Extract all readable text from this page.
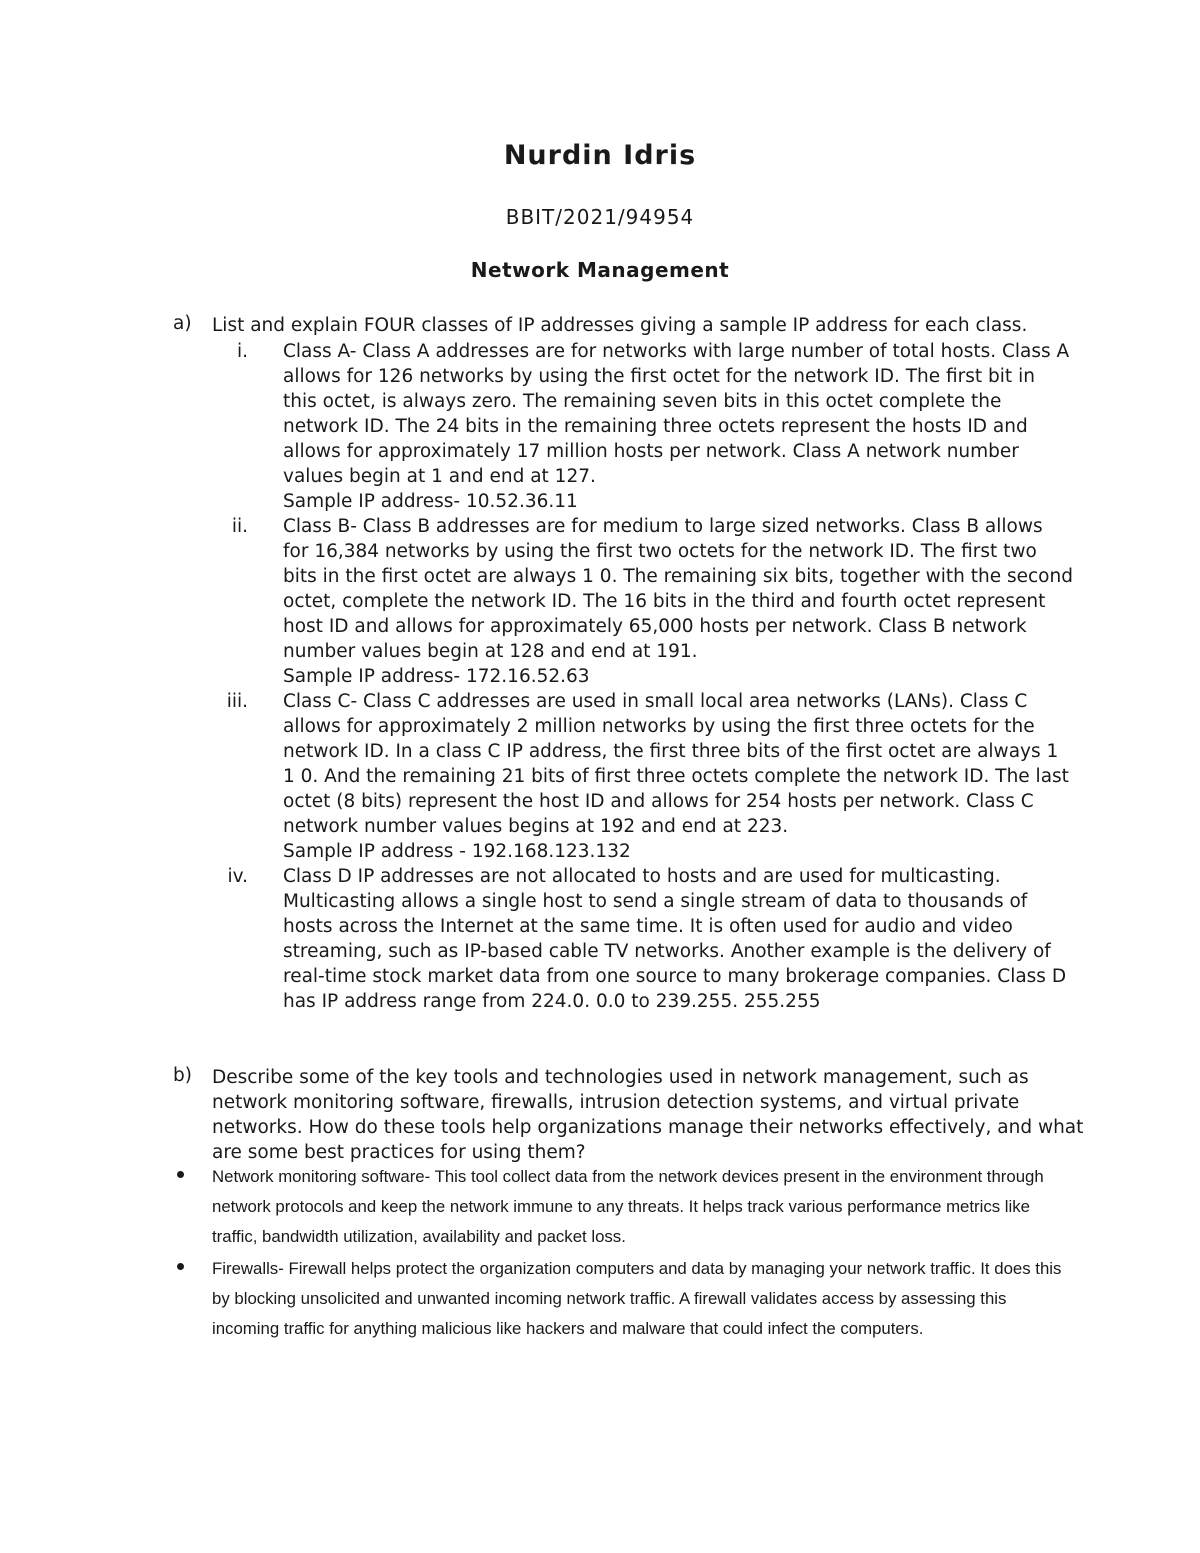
Nurdin Idris
BBIT/2021/94954
Network Management
a) List and explain FOUR classes of IP addresses giving a sample IP address for each class.
i. Class A- Class A addresses are for networks with large number of total hosts. Class A allows for 126 networks by using the first octet for the network ID. The first bit in this octet, is always zero. The remaining seven bits in this octet complete the network ID. The 24 bits in the remaining three octets represent the hosts ID and allows for approximately 17 million hosts per network. Class A network number values begin at 1 and end at 127.
Sample IP address- 10.52.36.11
ii. Class B- Class B addresses are for medium to large sized networks. Class B allows for 16,384 networks by using the first two octets for the network ID. The first two bits in the first octet are always 1 0. The remaining six bits, together with the second octet, complete the network ID. The 16 bits in the third and fourth octet represent host ID and allows for approximately 65,000 hosts per network. Class B network number values begin at 128 and end at 191.
Sample IP address- 172.16.52.63
iii. Class C- Class C addresses are used in small local area networks (LANs). Class C allows for approximately 2 million networks by using the first three octets for the network ID. In a class C IP address, the first three bits of the first octet are always 1 1 0. And the remaining 21 bits of first three octets complete the network ID. The last octet (8 bits) represent the host ID and allows for 254 hosts per network. Class C network number values begins at 192 and end at 223.
Sample IP address - 192.168.123.132
iv. Class D IP addresses are not allocated to hosts and are used for multicasting. Multicasting allows a single host to send a single stream of data to thousands of hosts across the Internet at the same time. It is often used for audio and video streaming, such as IP-based cable TV networks. Another example is the delivery of real-time stock market data from one source to many brokerage companies. Class D has IP address range from 224.0. 0.0 to 239.255. 255.255
b) Describe some of the key tools and technologies used in network management, such as network monitoring software, firewalls, intrusion detection systems, and virtual private networks. How do these tools help organizations manage their networks effectively, and what are some best practices for using them?
Network monitoring software- This tool collect data from the network devices present in the environment through network protocols and keep the network immune to any threats. It helps track various performance metrics like traffic, bandwidth utilization, availability and packet loss.
Firewalls- Firewall helps protect the organization computers and data by managing your network traffic. It does this by blocking unsolicited and unwanted incoming network traffic. A firewall validates access by assessing this incoming traffic for anything malicious like hackers and malware that could infect the computers.
